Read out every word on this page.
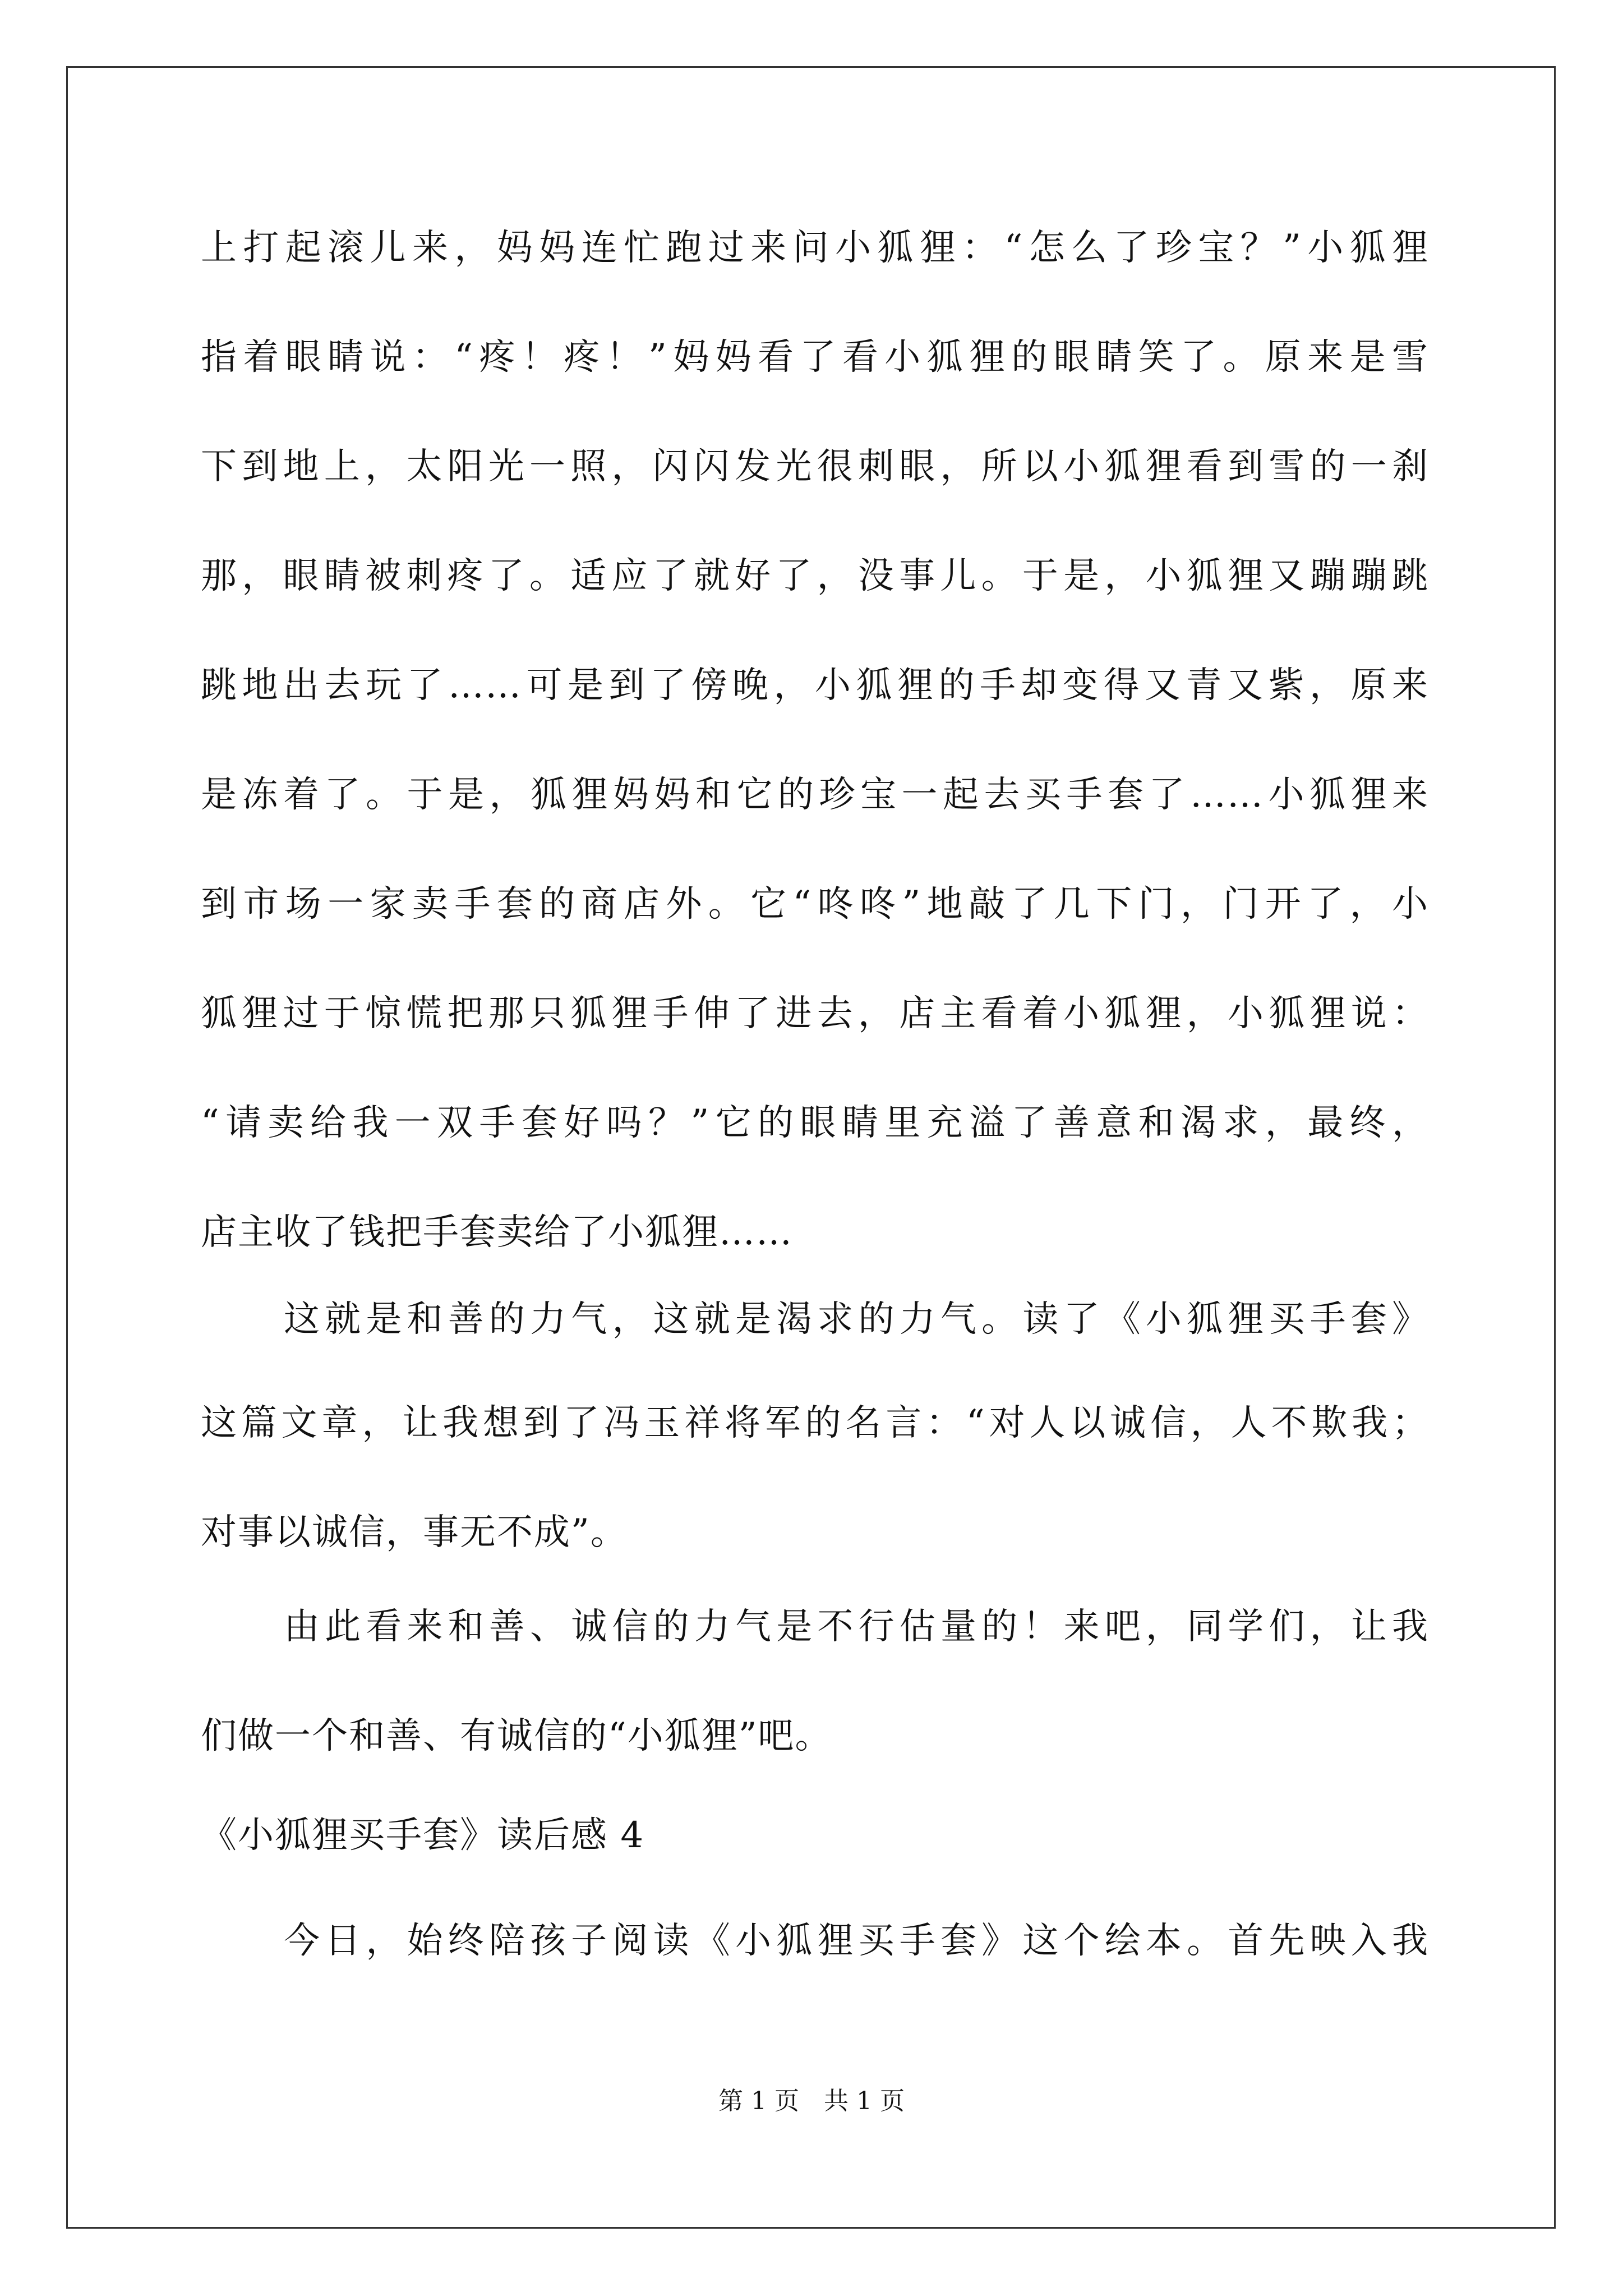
上打起滚儿来，妈妈连忙跑过来问小狐狸：“怎么了珍宝？”小狐狸
指着眼睛说：“疼！疼！”妈妈看了看小狐狸的眼睛笑了。原来是雪
下到地上，太阳光一照，闪闪发光很刺眼，所以小狐狸看到雪的一刹
那，眼睛被刺疼了。适应了就好了，没事儿。于是，小狐狸又蹦蹦跳
跳地出去玩了……可是到了傍晚，小狐狸的手却变得又青又紫，原来
是冻着了。于是，狐狸妈妈和它的珍宝一起去买手套了……小狐狸来
到市场一家卖手套的商店外。它“咚咚”地敲了几下门，门开了，小
狐狸过于惊慌把那只狐狸手伸了进去，店主看着小狐狸，小狐狸说：
“请卖给我一双手套好吗？”它的眼睛里充溢了善意和渴求，最终，
店主收了钱把手套卖给了小狐狸……
这就是和善的力气，这就是渴求的力气。读了《小狐狸买手套》
这篇文章，让我想到了冯玉祥将军的名言：“对人以诚信，人不欺我；
对事以诚信，事无不成”。
由此看来和善、诚信的力气是不行估量的！来吧，同学们，让我
们做一个和善、有诚信的“小狐狸”吧。
《小狐狸买手套》读后感 4
今日，始终陪孩子阅读《小狐狸买手套》这个绘本。首先映入我
第 1 页　共 1 页
